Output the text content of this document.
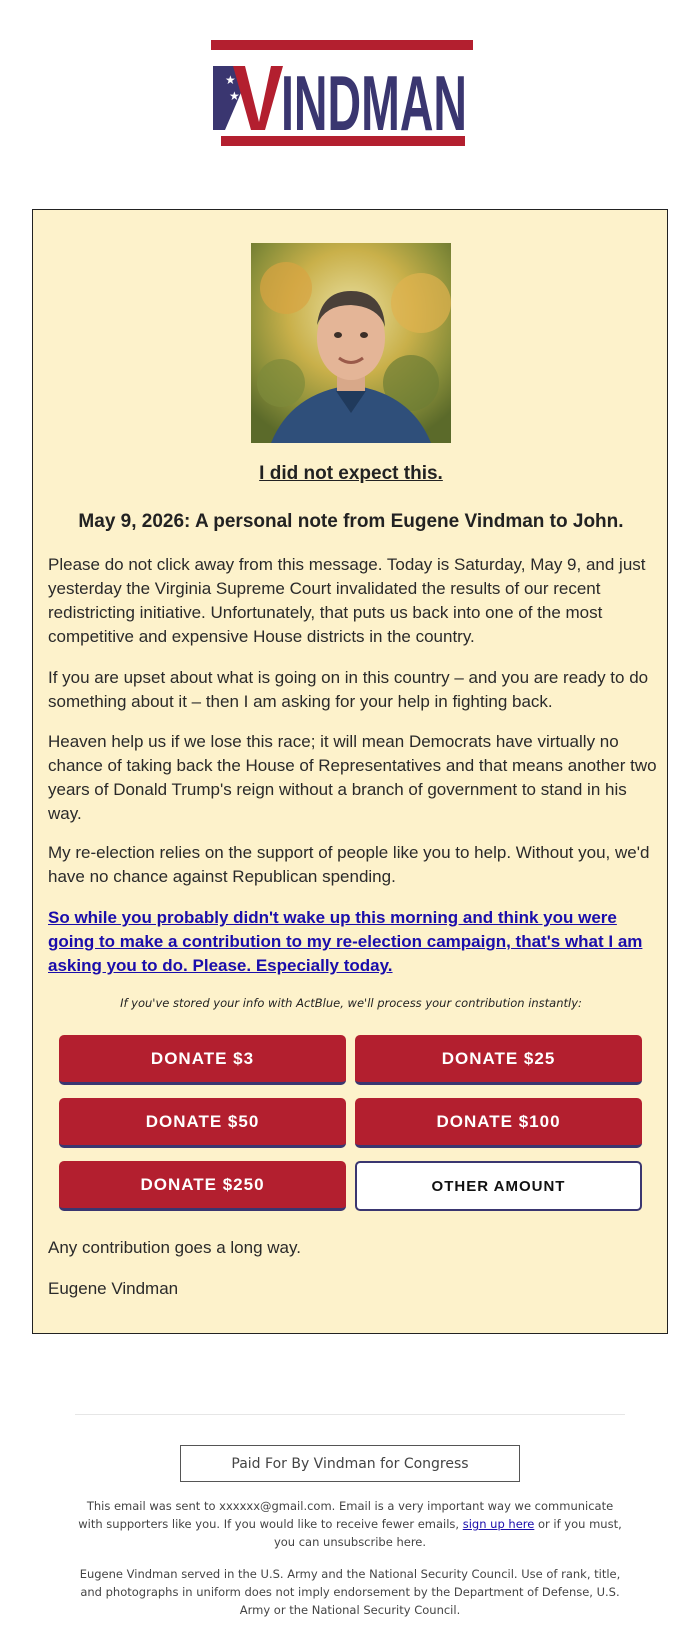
★
★
★ INDMAN
I did not expect this.
May 9, 2026: A personal note from Eugene Vindman to John.

Please do not click away from this message. Today is Saturday, May 9, and just yesterday the Virginia Supreme Court invalidated the results of our recent redistricting initiative. Unfortunately, that puts us back into one of the most competitive and expensive House districts in the country.

If you are upset about what is going on in this country – and you are ready to do something about it – then I am asking for your help in fighting back.

Heaven help us if we lose this race; it will mean Democrats have virtually no chance of taking back the House of Representatives and that means another two years of Donald Trump's reign without a branch of government to stand in his way.

My re-election relies on the support of people like you to help. Without you, we'd have no chance against Republican spending.

So while you probably didn't wake up this morning and think you were going to make a contribution to my re-election campaign, that's what I am asking you to do. Please. Especially today.
If you've stored your info with ActBlue, we'll process your contribution instantly:
DONATE $3	DONATE $25
DONATE $50	DONATE $100
DONATE $250	OTHER AMOUNT

Any contribution goes a long way.

Eugene Vindman

Paid For By Vindman for Congress

This email was sent to xxxxxx@gmail.com. Email is a very important way we communicate with supporters like you. If you would like to receive fewer emails, sign up here or if you must, you can unsubscribe here.

Eugene Vindman served in the U.S. Army and the National Security Council. Use of rank, title, and photographs in uniform does not imply endorsement by the Department of Defense, U.S. Army or the National Security Council.
